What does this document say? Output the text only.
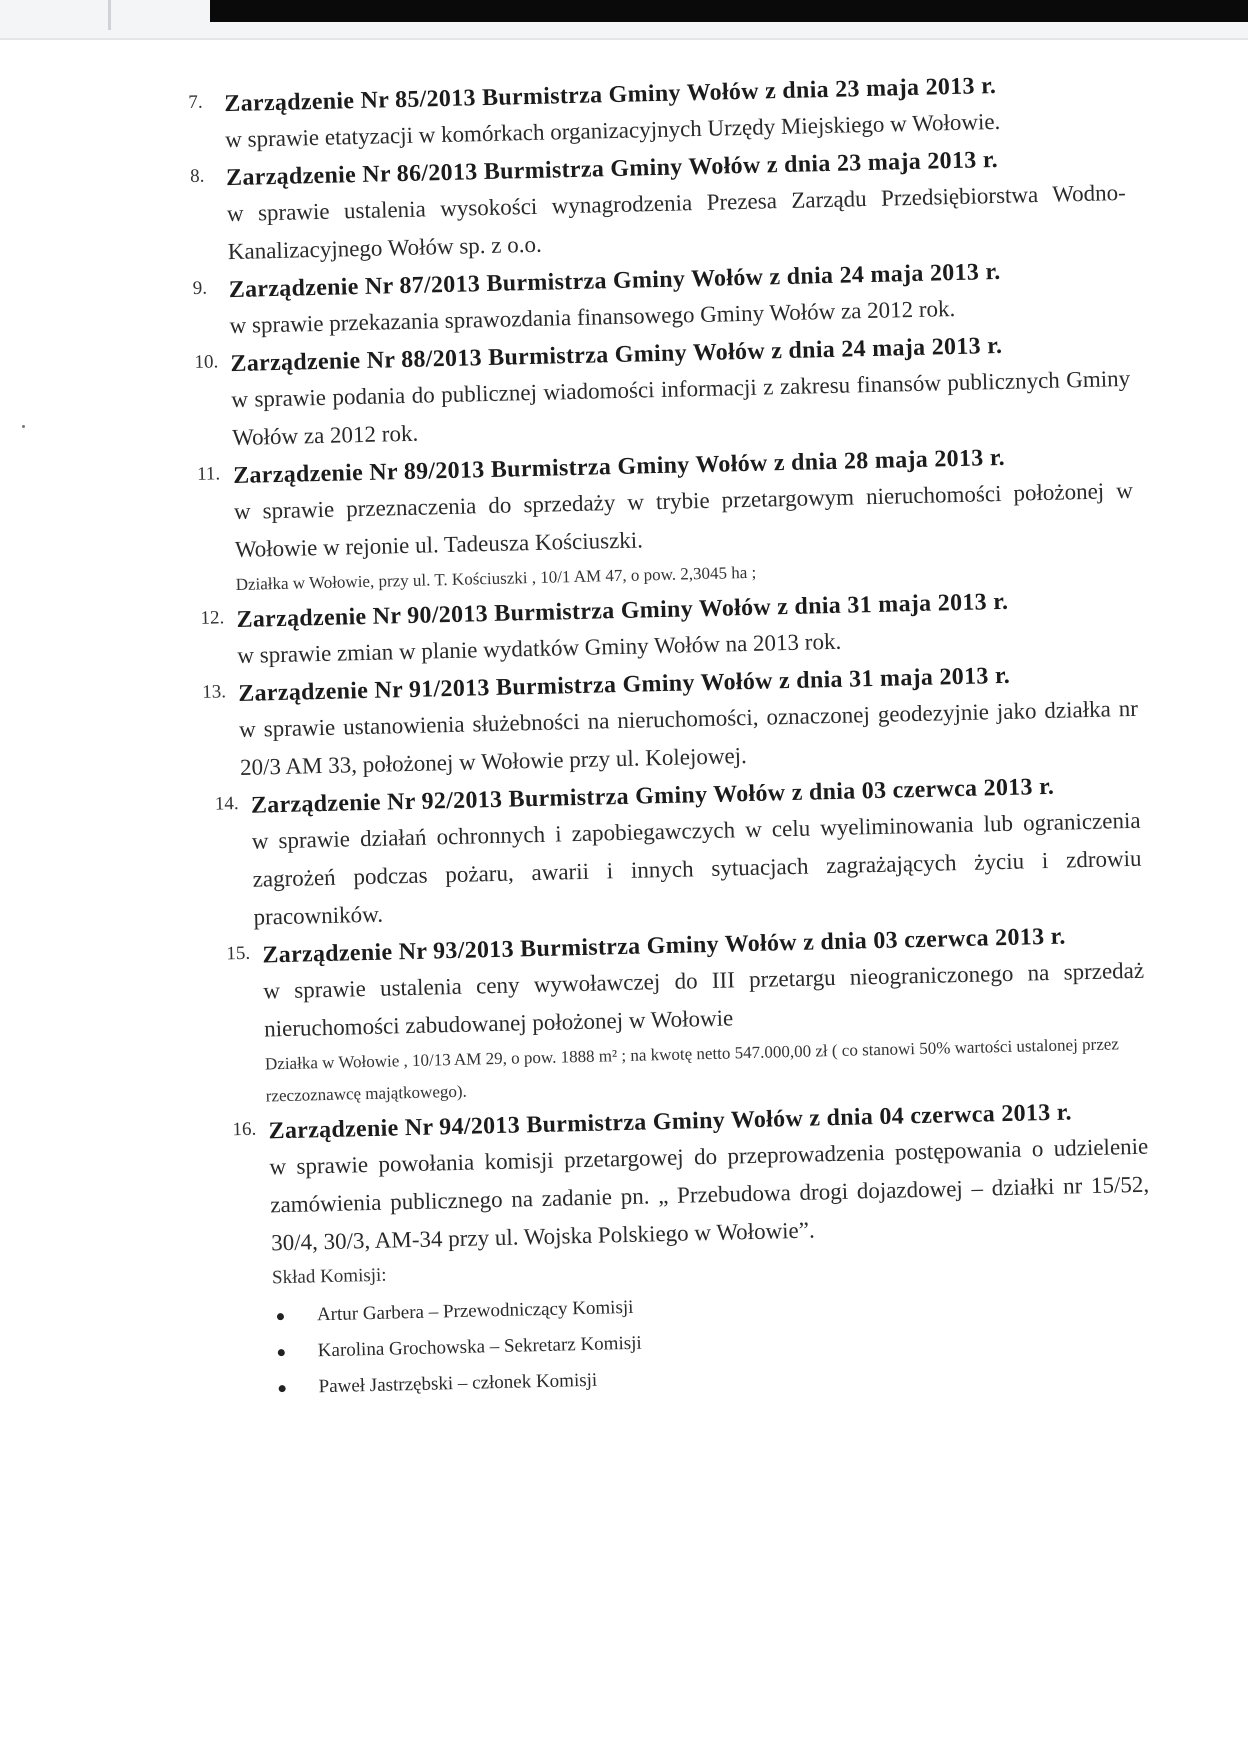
7. Zarządzenie Nr 85/2013 Burmistrza Gminy Wołów z dnia 23 maja 2013 r.

w sprawie etatyzacji w komórkach organizacyjnych Urzędy Miejskiego w Wołowie.

8. Zarządzenie Nr 86/2013 Burmistrza Gminy Wołów z dnia 23 maja 2013 r.

w sprawie ustalenia wysokości wynagrodzenia Prezesa Zarządu Przedsiębiorstwa Wodno-Kanalizacyjnego Wołów sp. z o.o.

9. Zarządzenie Nr 87/2013 Burmistrza Gminy Wołów z dnia 24 maja 2013 r.

w sprawie przekazania sprawozdania finansowego Gminy Wołów za 2012 rok.

10. Zarządzenie Nr 88/2013 Burmistrza Gminy Wołów z dnia 24 maja 2013 r.

w sprawie podania do publicznej wiadomości informacji z zakresu finansów publicznych Gminy Wołów za 2012 rok.

11. Zarządzenie Nr 89/2013 Burmistrza Gminy Wołów z dnia 28 maja 2013 r.

w sprawie przeznaczenia do sprzedaży w trybie przetargowym nieruchomości położonej w Wołowie w rejonie ul. Tadeusza Kościuszki.

Działka w Wołowie, przy ul. T. Kościuszki , 10/1 AM 47, o pow. 2,3045 ha ;

12. Zarządzenie Nr 90/2013 Burmistrza Gminy Wołów z dnia 31 maja 2013 r.

w sprawie zmian w planie wydatków Gminy Wołów na 2013 rok.

13. Zarządzenie Nr 91/2013 Burmistrza Gminy Wołów z dnia 31 maja 2013 r.

w sprawie ustanowienia służebności na nieruchomości, oznaczonej geodezyjnie jako działka nr 20/3 AM 33, położonej w Wołowie przy ul. Kolejowej.

14. Zarządzenie Nr 92/2013 Burmistrza Gminy Wołów z dnia 03 czerwca 2013 r.

w sprawie działań ochronnych i zapobiegawczych w celu wyeliminowania lub ograniczenia zagrożeń podczas pożaru, awarii i innych sytuacjach zagrażających życiu i zdrowiu pracowników.

15. Zarządzenie Nr 93/2013 Burmistrza Gminy Wołów z dnia 03 czerwca 2013 r.

w sprawie ustalenia ceny wywoławczej do III przetargu nieograniczonego na sprzedaż nieruchomości zabudowanej położonej w Wołowie

Działka w Wołowie , 10/13 AM 29, o pow. 1888 m² ; na kwotę netto 547.000,00 zł ( co stanowi 50% wartości ustalonej przez rzeczoznawcę majątkowego).

16. Zarządzenie Nr 94/2013 Burmistrza Gminy Wołów z dnia 04 czerwca 2013 r.

w sprawie powołania komisji przetargowej do przeprowadzenia postępowania o udzielenie zamówienia publicznego na zadanie pn. „ Przebudowa drogi dojazdowej – działki nr 15/52, 30/4, 30/3, AM-34 przy ul. Wojska Polskiego w Wołowie”.

Skład Komisji:

Artur Garbera – Przewodniczący Komisji
Karolina Grochowska – Sekretarz Komisji
Paweł Jastrzębski – członek Komisji
